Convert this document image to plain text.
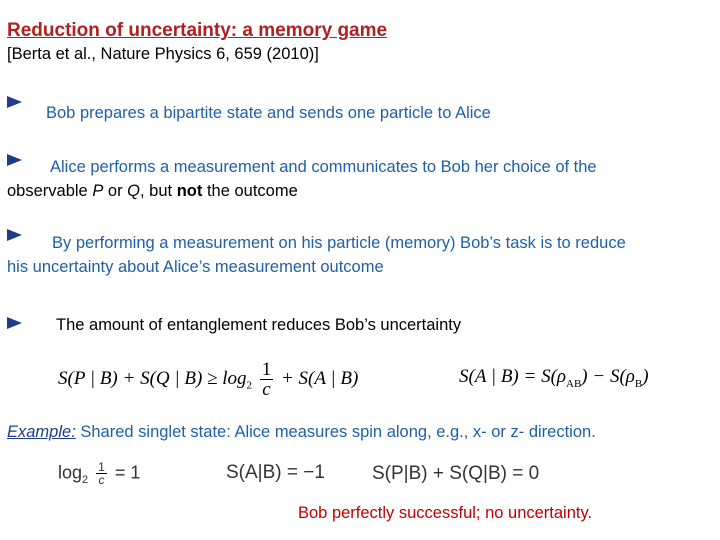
Reduction of uncertainty: a memory game
[Berta et al., Nature Physics 6, 659 (2010)]
Bob prepares a bipartite state and sends one particle to Alice
Alice performs a measurement and communicates to Bob her choice of the
observable P or Q, but not the outcome
By performing a measurement on his particle (memory) Bob’s task is to reduce
his uncertainty about Alice’s measurement outcome
The amount of entanglement reduces Bob’s uncertainty
S(P | B) + S(Q | $B) \ge \log_2 \frac{1}{c} + S(A$ | B)	S(A | $B) = S(\rho_{AB}) - S(\rho_B)$
Example: Shared singlet state: Alice measures spin along, e.g., x- or z- direction.
$\log_2 \frac{1}{c} = 1$	S(A|B) = −1 S(P|B) + S(Q|B) = 0
Bob perfectly successful; no uncertainty.
